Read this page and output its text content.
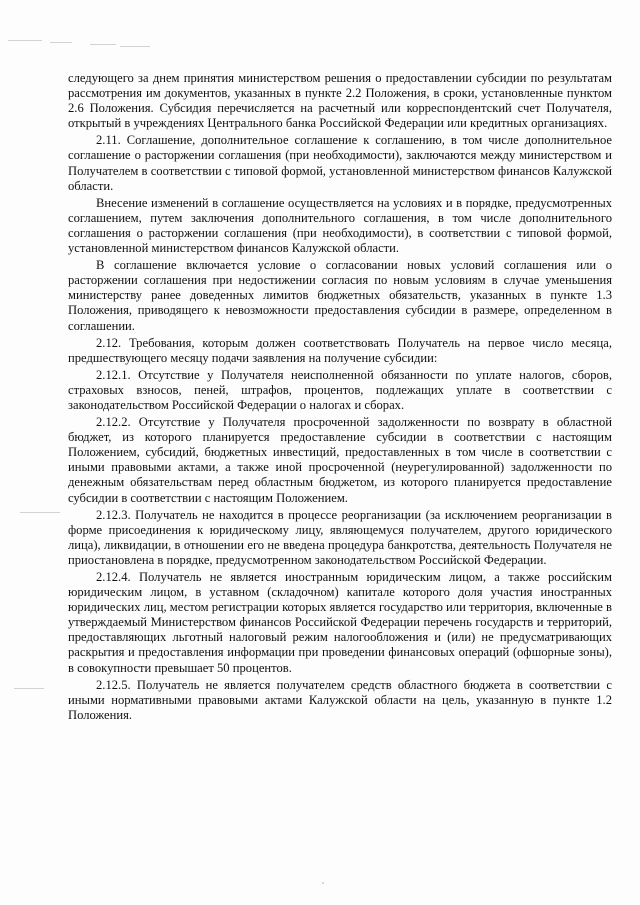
следующего за днем принятия министерством решения о предоставлении субсидии по результатам рассмотрения им документов, указанных в пункте 2.2 Положения, в сроки, установленные пунктом 2.6 Положения. Субсидия перечисляется на расчетный или корреспондентский счет Получателя, открытый в учреждениях Центрального банка Российской Федерации или кредитных организациях.

2.11. Соглашение, дополнительное соглашение к соглашению, в том числе дополнительное соглашение о расторжении соглашения (при необходимости), заключаются между министерством и Получателем в соответствии с типовой формой, установленной министерством финансов Калужской области.

Внесение изменений в соглашение осуществляется на условиях и в порядке, предусмотренных соглашением, путем заключения дополнительного соглашения, в том числе дополнительного соглашения о расторжении соглашения (при необходимости), в соответствии с типовой формой, установленной министерством финансов Калужской области.

В соглашение включается условие о согласовании новых условий соглашения или о расторжении соглашения при недостижении согласия по новым условиям в случае уменьшения министерству ранее доведенных лимитов бюджетных обязательств, указанных в пункте 1.3 Положения, приводящего к невозможности предоставления субсидии в размере, определенном в соглашении.

2.12. Требования, которым должен соответствовать Получатель на первое число месяца, предшествующего месяцу подачи заявления на получение субсидии:

2.12.1. Отсутствие у Получателя неисполненной обязанности по уплате налогов, сборов, страховых взносов, пеней, штрафов, процентов, подлежащих уплате в соответствии с законодательством Российской Федерации о налогах и сборах.

2.12.2. Отсутствие у Получателя просроченной задолженности по возврату в областной бюджет, из которого планируется предоставление субсидии в соответствии с настоящим Положением, субсидий, бюджетных инвестиций, предоставленных в том числе в соответствии с иными правовыми актами, а также иной просроченной (неурегулированной) задолженности по денежным обязательствам перед областным бюджетом, из которого планируется предоставление субсидии в соответствии с настоящим Положением.

2.12.3. Получатель не находится в процессе реорганизации (за исключением реорганизации в форме присоединения к юридическому лицу, являющемуся получателем, другого юридического лица), ликвидации, в отношении его не введена процедура банкротства, деятельность Получателя не приостановлена в порядке, предусмотренном законодательством Российской Федерации.

2.12.4. Получатель не является иностранным юридическим лицом, а также российским юридическим лицом, в уставном (складочном) капитале которого доля участия иностранных юридических лиц, местом регистрации которых является государство или территория, включенные в утверждаемый Министерством финансов Российской Федерации перечень государств и территорий, предоставляющих льготный налоговый режим налогообложения и (или) не предусматривающих раскрытия и предоставления информации при проведении финансовых операций (офшорные зоны), в совокупности превышает 50 процентов.

2.12.5. Получатель не является получателем средств областного бюджета в соответствии с иными нормативными правовыми актами Калужской области на цель, указанную в пункте 1.2 Положения.
